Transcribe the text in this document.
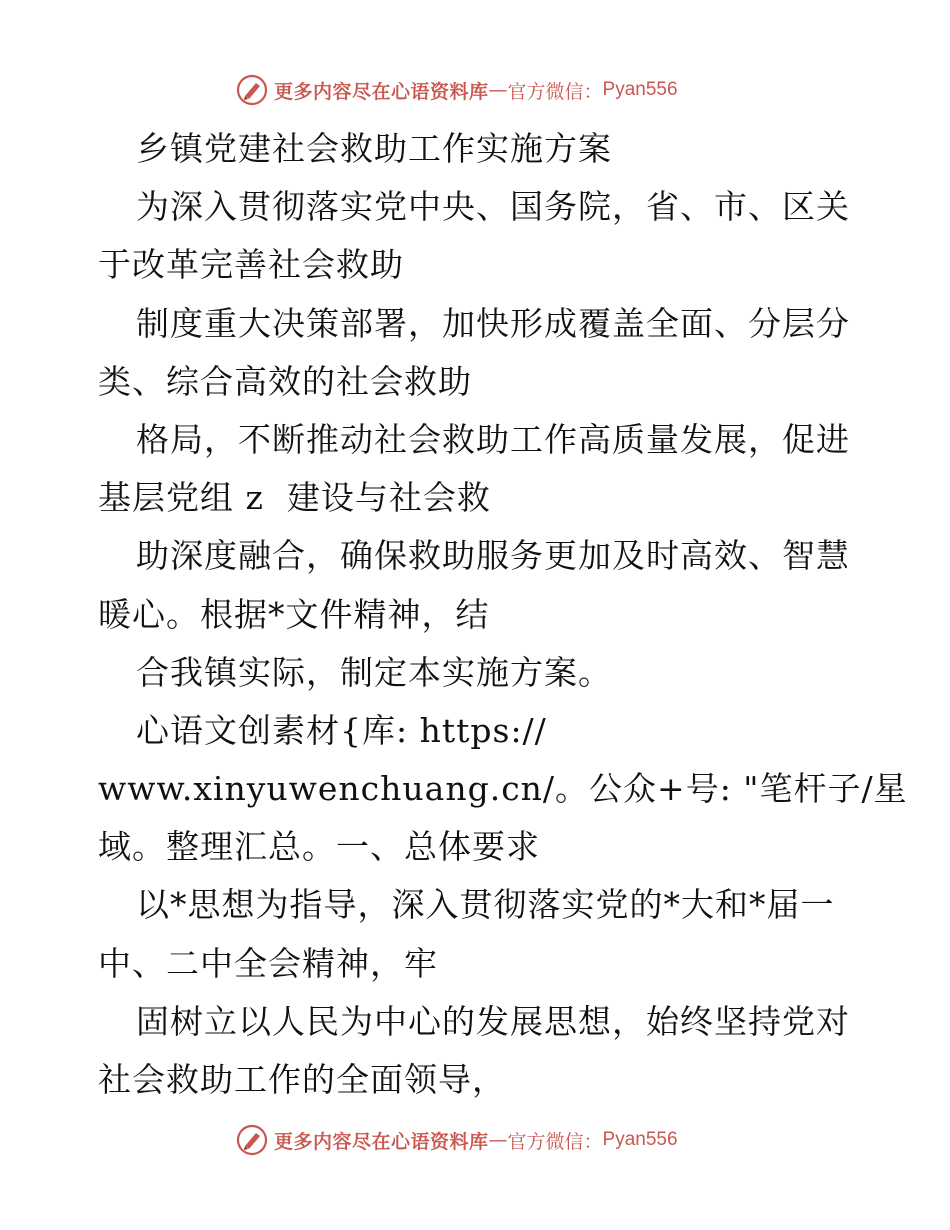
更多内容尽在心语资料库 — 官方微信： Pyan556
乡镇党建社会救助工作实施方案
为深入贯彻落实党中央、国务院，省、市、区关
于改革完善社会救助
制度重大决策部署，加快形成覆盖全面、分层分
类、综合高效的社会救助
格局，不断推动社会救助工作高质量发展，促进
基层党组 z  建设与社会救
助深度融合，确保救助服务更加及时高效、智慧
暖心。根据*文件精神，结
合我镇实际，制定本实施方案。
心语文创素材{库: https://
www.xinyuwenchuang.cn/。公众+号: "笔杆子/星
域。整理汇总。一、总体要求
以*思想为指导，深入贯彻落实党的*大和*届一
中、二中全会精神，牢
固树立以人民为中心的发展思想，始终坚持党对
社会救助工作的全面领导，
更多内容尽在心语资料库 — 官方微信： Pyan556
